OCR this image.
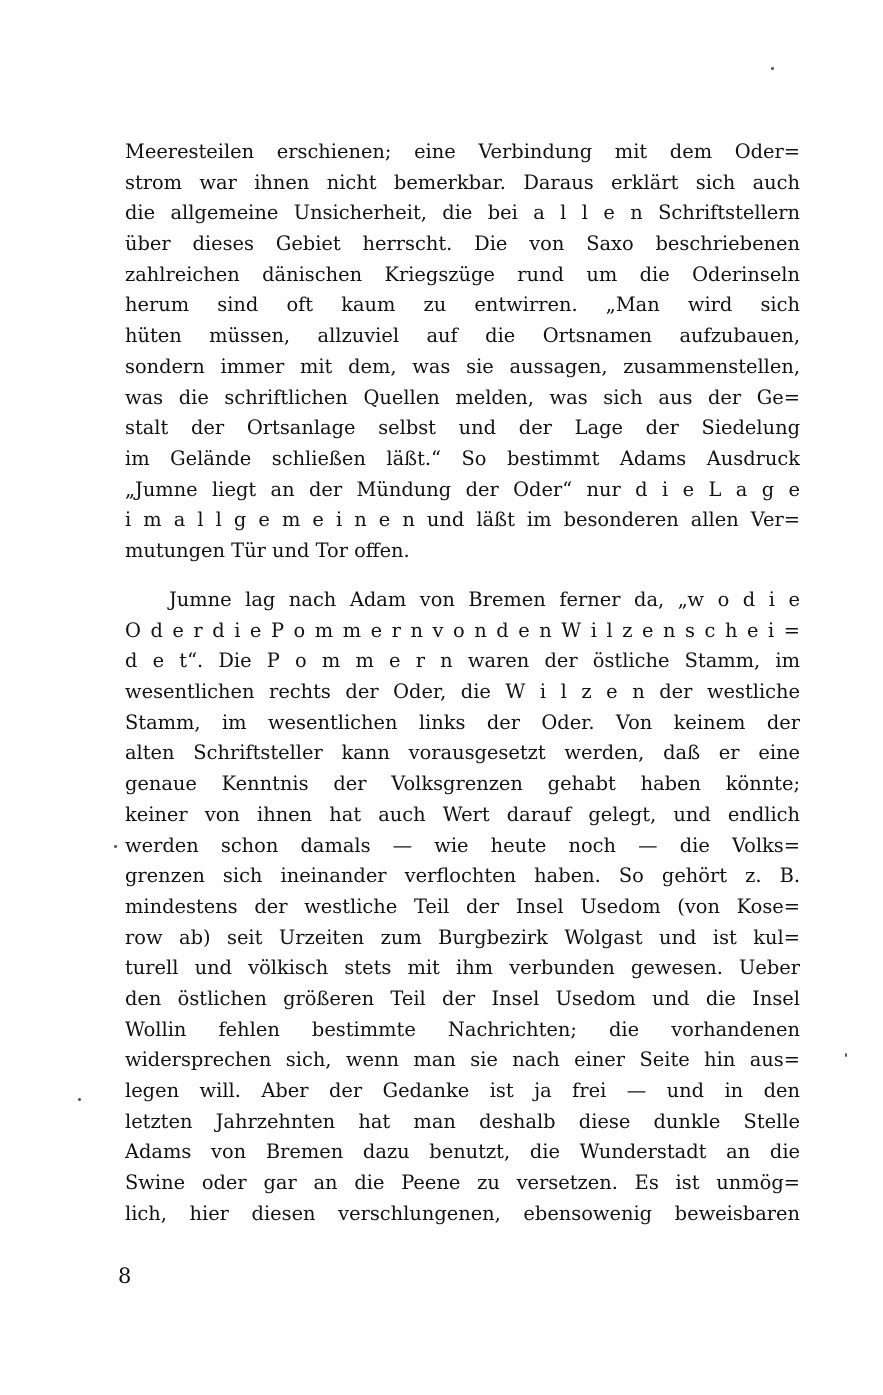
Meeresteilen erschienen; eine Verbindung mit dem Oder=
strom war ihnen nicht bemerkbar. Daraus erklärt sich auch
die allgemeine Unsicherheit, die bei a l l e n Schriftstellern
über dieses Gebiet herrscht. Die von Saxo beschriebenen
zahlreichen dänischen Kriegszüge rund um die Oderinseln
herum sind oft kaum zu entwirren. „Man wird sich
hüten müssen, allzuviel auf die Ortsnamen aufzubauen,
sondern immer mit dem, was sie aussagen, zusammenstellen,
was die schriftlichen Quellen melden, was sich aus der Ge=
stalt der Ortsanlage selbst und der Lage der Siedelung
im Gelände schließen läßt.“ So bestimmt Adams Ausdruck
„Jumne liegt an der Mündung der Oder“ nur d i e L a g e
i m a l l g e m e i n e n und läßt im besonderen allen Ver=
mutungen Tür und Tor offen.
Jumne lag nach Adam von Bremen ferner da, „w o d i e
O d e r d i e P o m m e r n v o n d e n W i l z e n s c h e i =
d e t“. Die P o m m e r n waren der östliche Stamm, im
wesentlichen rechts der Oder, die W i l z e n der westliche
Stamm, im wesentlichen links der Oder. Von keinem der
alten Schriftsteller kann vorausgesetzt werden, daß er eine
genaue Kenntnis der Volksgrenzen gehabt haben könnte;
keiner von ihnen hat auch Wert darauf gelegt, und endlich
werden schon damals — wie heute noch — die Volks=
grenzen sich ineinander verflochten haben. So gehört z. B.
mindestens der westliche Teil der Insel Usedom (von Kose=
row ab) seit Urzeiten zum Burgbezirk Wolgast und ist kul=
turell und völkisch stets mit ihm verbunden gewesen. Ueber
den östlichen größeren Teil der Insel Usedom und die Insel
Wollin fehlen bestimmte Nachrichten; die vorhandenen
widersprechen sich, wenn man sie nach einer Seite hin aus=
legen will. Aber der Gedanke ist ja frei — und in den
letzten Jahrzehnten hat man deshalb diese dunkle Stelle
Adams von Bremen dazu benutzt, die Wunderstadt an die
Swine oder gar an die Peene zu versetzen. Es ist unmög=
lich, hier diesen verschlungenen, ebensowenig beweisbaren
8
